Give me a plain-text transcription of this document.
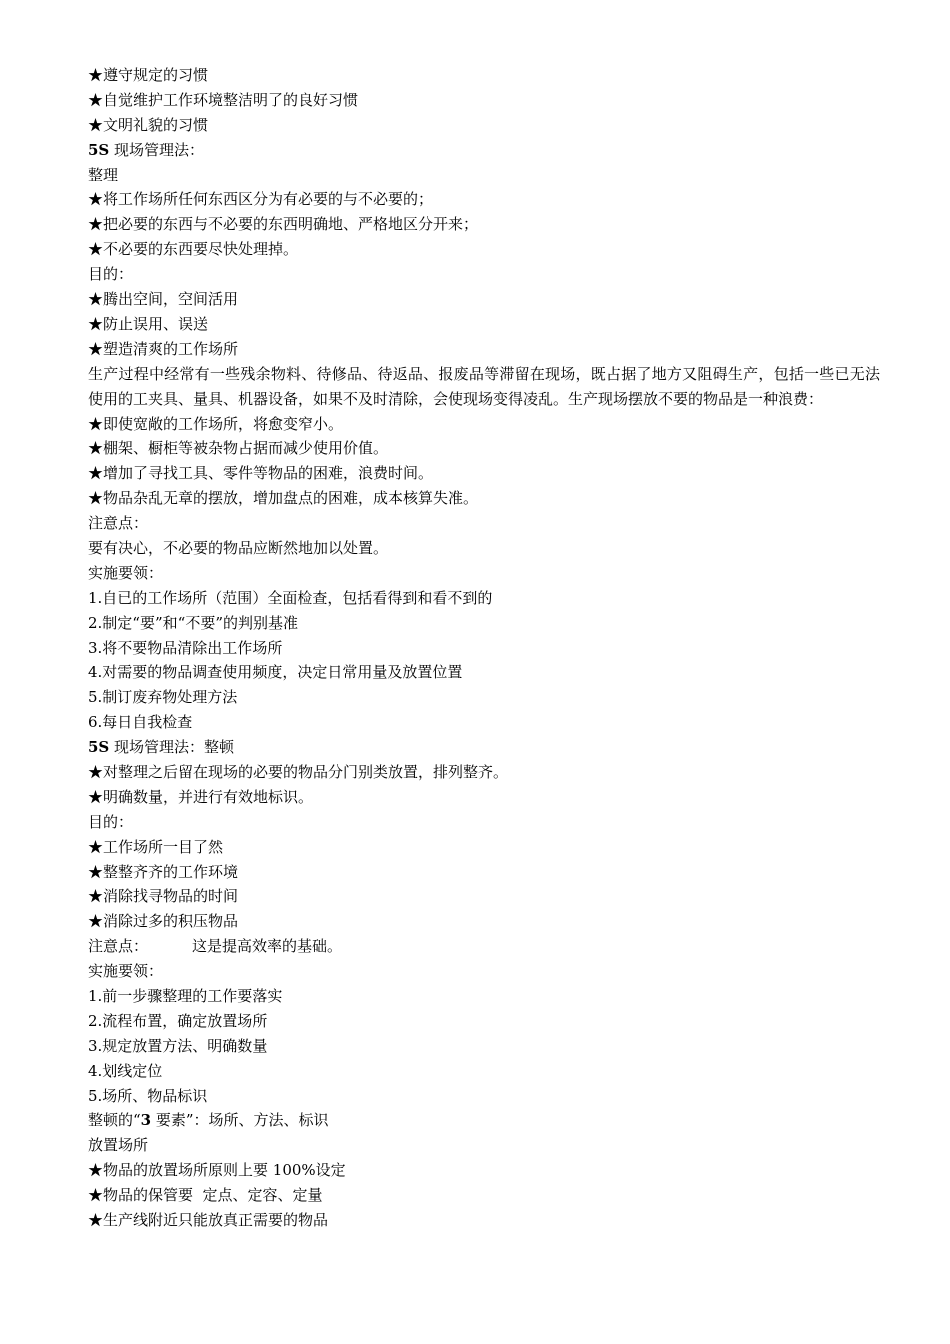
★遵守规定的习惯
★自觉维护工作环境整洁明了的良好习惯
★文明礼貌的习惯
5S 现场管理法：
整理
★将工作场所任何东西区分为有必要的与不必要的；
★把必要的东西与不必要的东西明确地、严格地区分开来；
★不必要的东西要尽快处理掉。
目的：
★腾出空间，空间活用
★防止误用、误送
★塑造清爽的工作场所
生产过程中经常有一些残余物料、待修品、待返品、报废品等滞留在现场，既占据了地方又阻碍生产，包括一些已无法使用的工夹具、量具、机器设备，如果不及时清除，会使现场变得凌乱。生产现场摆放不要的物品是一种浪费：
★即使宽敞的工作场所，将愈变窄小。
★棚架、橱柜等被杂物占据而减少使用价值。
★增加了寻找工具、零件等物品的困难，浪费时间。
★物品杂乱无章的摆放，增加盘点的困难，成本核算失准。
注意点：
要有决心，不必要的物品应断然地加以处置。
实施要领：
1.自已的工作场所（范围）全面检查，包括看得到和看不到的
2.制定“要”和“不要”的判别基准
3.将不要物品清除出工作场所
4.对需要的物品调查使用频度，决定日常用量及放置位置
5.制订废弃物处理方法
6.每日自我检查
5S 现场管理法：整顿
★对整理之后留在现场的必要的物品分门别类放置，排列整齐。
★明确数量，并进行有效地标识。
目的：
★工作场所一目了然
★整整齐齐的工作环境
★消除找寻物品的时间
★消除过多的积压物品
注意点：	这是提高效率的基础。
实施要领：
1.前一步骤整理的工作要落实
2.流程布置，确定放置场所
3.规定放置方法、明确数量
4.划线定位
5.场所、物品标识
整顿的“3 要素”：场所、方法、标识
放置场所
★物品的放置场所原则上要 100%设定
★物品的保管要  定点、定容、定量
★生产线附近只能放真正需要的物品
